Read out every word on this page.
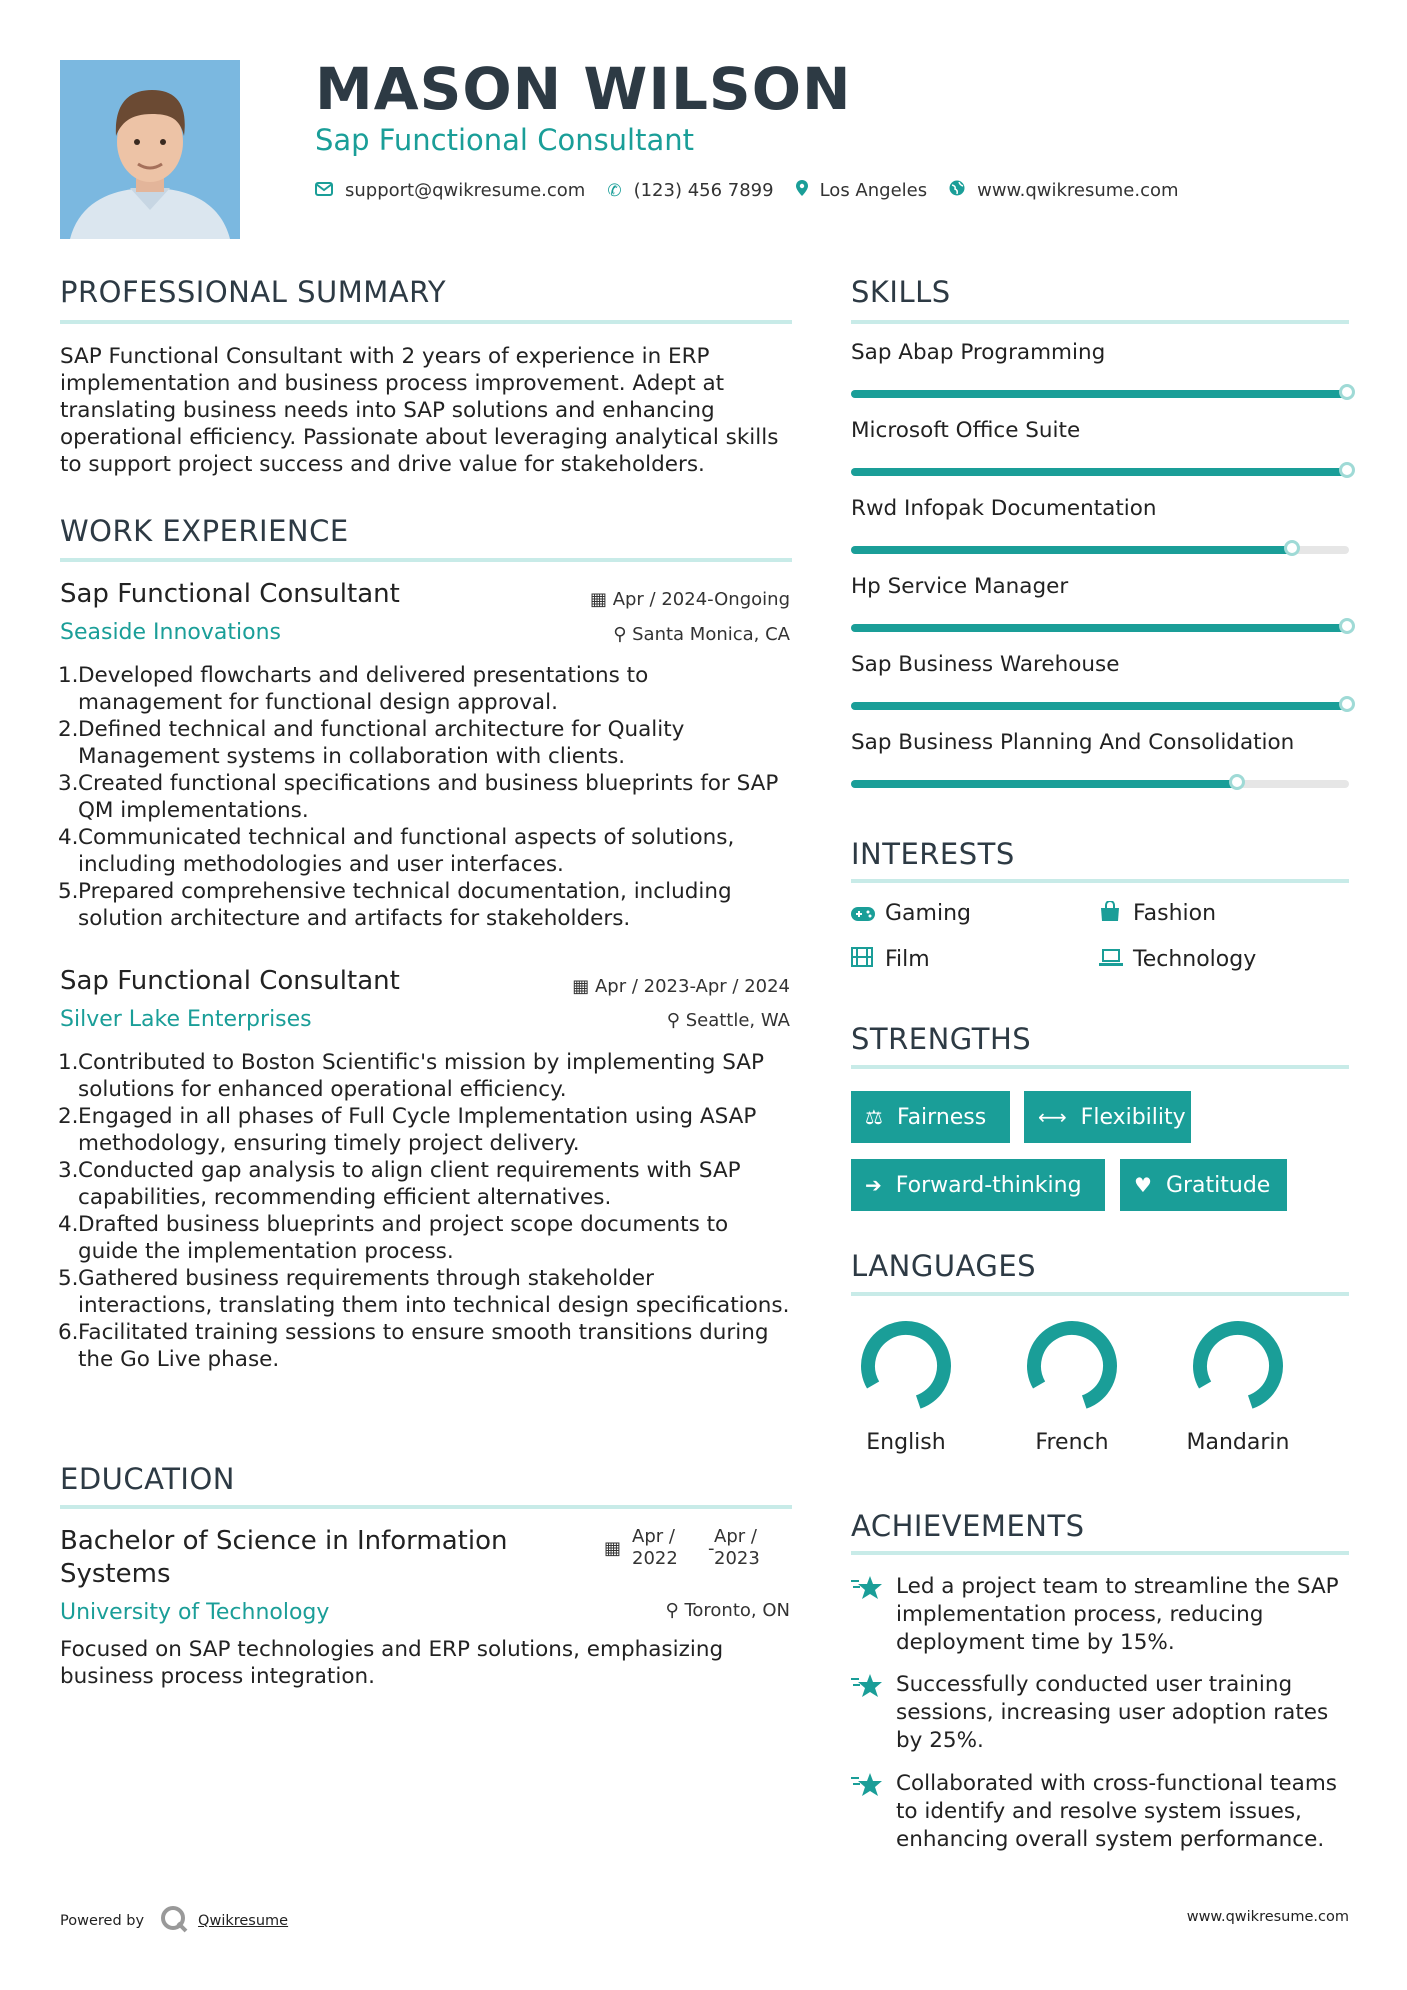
MASON WILSON
Sap Functional Consultant
support@qwikresume.com ✆ (123) 456 7899	Los Angeles	www.qwikresume.com
PROFESSIONAL SUMMARY
SAP Functional Consultant with 2 years of experience in ERP implementation and business process improvement. Adept at translating business needs into SAP solutions and enhancing operational efficiency. Passionate about leveraging analytical skills to support project success and drive value for stakeholders.
WORK EXPERIENCE
Sap Functional Consultant	▦ Apr / 2024-Ongoing
Seaside Innovations	⚲ Santa Monica, CA
1. Developed flowcharts and delivered presentations to management for functional design approval.
2. Defined technical and functional architecture for Quality Management systems in collaboration with clients.
3. Created functional specifications and business blueprints for SAP QM implementations.
4. Communicated technical and functional aspects of solutions, including methodologies and user interfaces.
5. Prepared comprehensive technical documentation, including solution architecture and artifacts for stakeholders.
Sap Functional Consultant	▦ Apr / 2023-Apr / 2024
Silver Lake Enterprises	⚲ Seattle, WA
1. Contributed to Boston Scientific's mission by implementing SAP solutions for enhanced operational efficiency.
2. Engaged in all phases of Full Cycle Implementation using ASAP methodology, ensuring timely project delivery.
3. Conducted gap analysis to align client requirements with SAP capabilities, recommending efficient alternatives.
4. Drafted business blueprints and project scope documents to guide the implementation process.
5. Gathered business requirements through stakeholder interactions, translating them into technical design specifications.
6. Facilitated training sessions to ensure smooth transitions during the Go Live phase.
EDUCATION
Bachelor of Science in Information Systems
▦
Apr /
2022 -
Apr /
2023
University of Technology	⚲ Toronto, ON
Focused on SAP technologies and ERP solutions, emphasizing business process integration.
SKILLS
Sap Abap Programming
Microsoft Office Suite
Rwd Infopak Documentation
Hp Service Manager
Sap Business Warehouse
Sap Business Planning And Consolidation
INTERESTS
Gaming	Fashion
Film	Technology
STRENGTHS
⚖ Fairness	⟷ Flexibility
➔ Forward-thinking	♥ Gratitude
LANGUAGES
English	French	Mandarin
ACHIEVEMENTS
Led a project team to streamline the SAP implementation process, reducing deployment time by 15%.
Successfully conducted user training sessions, increasing user adoption rates by 25%.
Collaborated with cross-functional teams to identify and resolve system issues, enhancing overall system performance.
Powered by	Qwikresume	www.qwikresume.com
